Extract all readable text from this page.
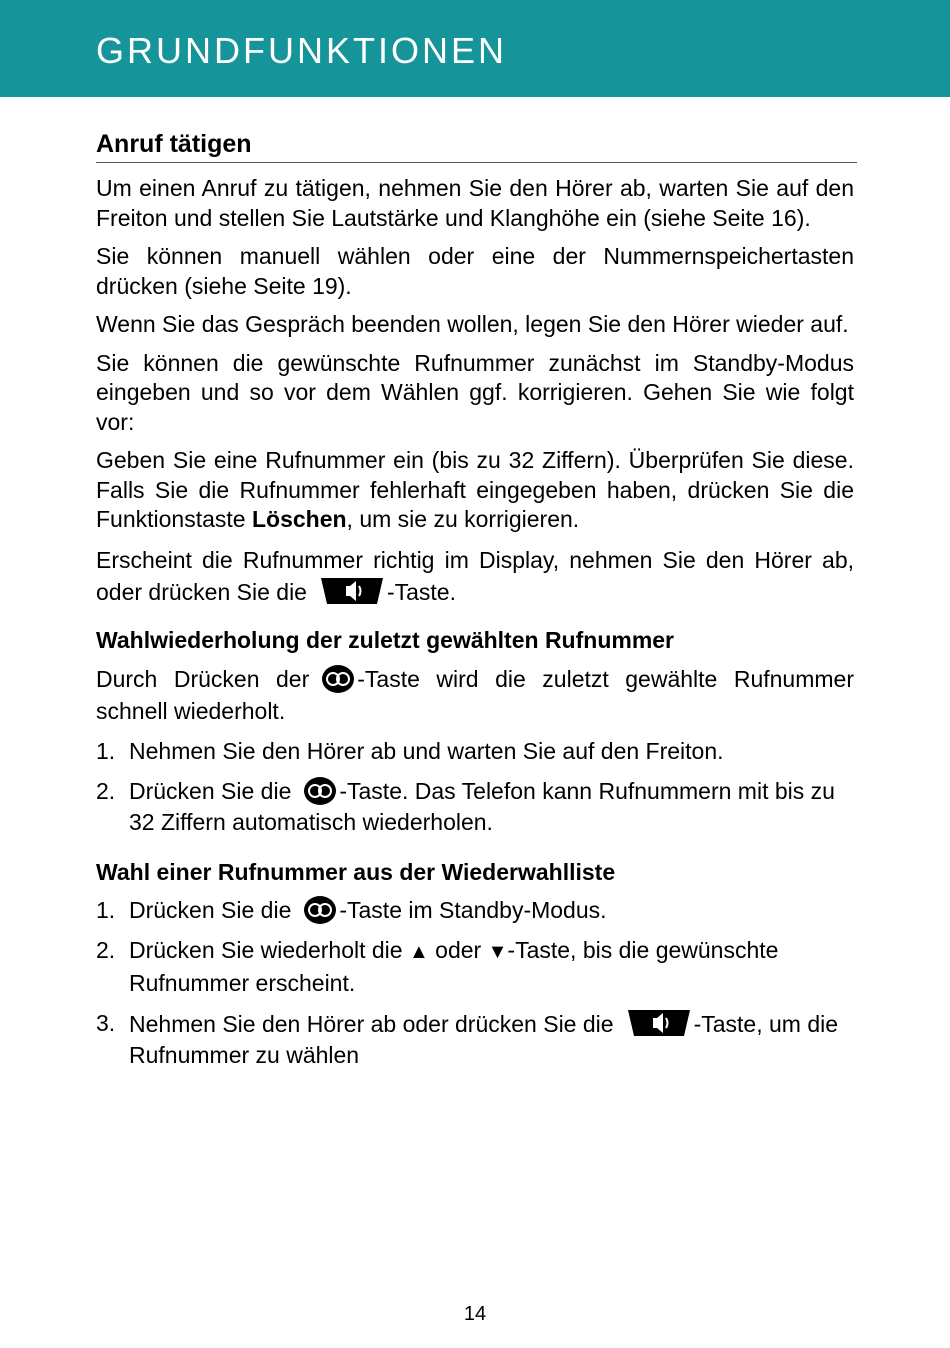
GRUNDFUNKTIONEN
Anruf tätigen

Um einen Anruf zu tätigen, nehmen Sie den Hörer ab, warten Sie auf den Freiton und stellen Sie Lautstärke und Klanghöhe ein (siehe Seite 16).

Sie können manuell wählen oder eine der Nummernspeichertasten drücken (siehe Seite 19).

Wenn Sie das Gespräch beenden wollen, legen Sie den Hörer wieder auf.

Sie können die gewünschte Rufnummer zunächst im Standby-Modus eingeben und so vor dem Wählen ggf. korrigieren. Gehen Sie wie folgt vor:

Geben Sie eine Rufnummer ein (bis zu 32 Ziffern). Überprüfen Sie diese. Falls Sie die Rufnummer fehlerhaft eingegeben haben, drücken Sie die Funktionstaste Löschen, um sie zu korrigieren.

Erscheint die Rufnummer richtig im Display, nehmen Sie den Hörer ab, oder drücken Sie die	-Taste.

Wahlwiederholung der zuletzt gewählten Rufnummer

Durch Drücken der -Taste wird die zuletzt gewählte Rufnummer schnell wiederholt.

1. Nehmen Sie den Hörer ab und warten Sie auf den Freiton.
2. Drücken Sie die -Taste. Das Telefon kann Rufnummern mit bis zu 32 Ziffern automatisch wiederholen.
Wahl einer Rufnummer aus der Wiederwahlliste
1. Drücken Sie die -Taste im Standby-Modus.
2. Drücken Sie wiederholt die ▲ oder ▼-Taste, bis die gewünschte Rufnummer erscheint.
3. Nehmen Sie den Hörer ab oder drücken Sie die	-Taste, um die Rufnummer zu wählen
14
